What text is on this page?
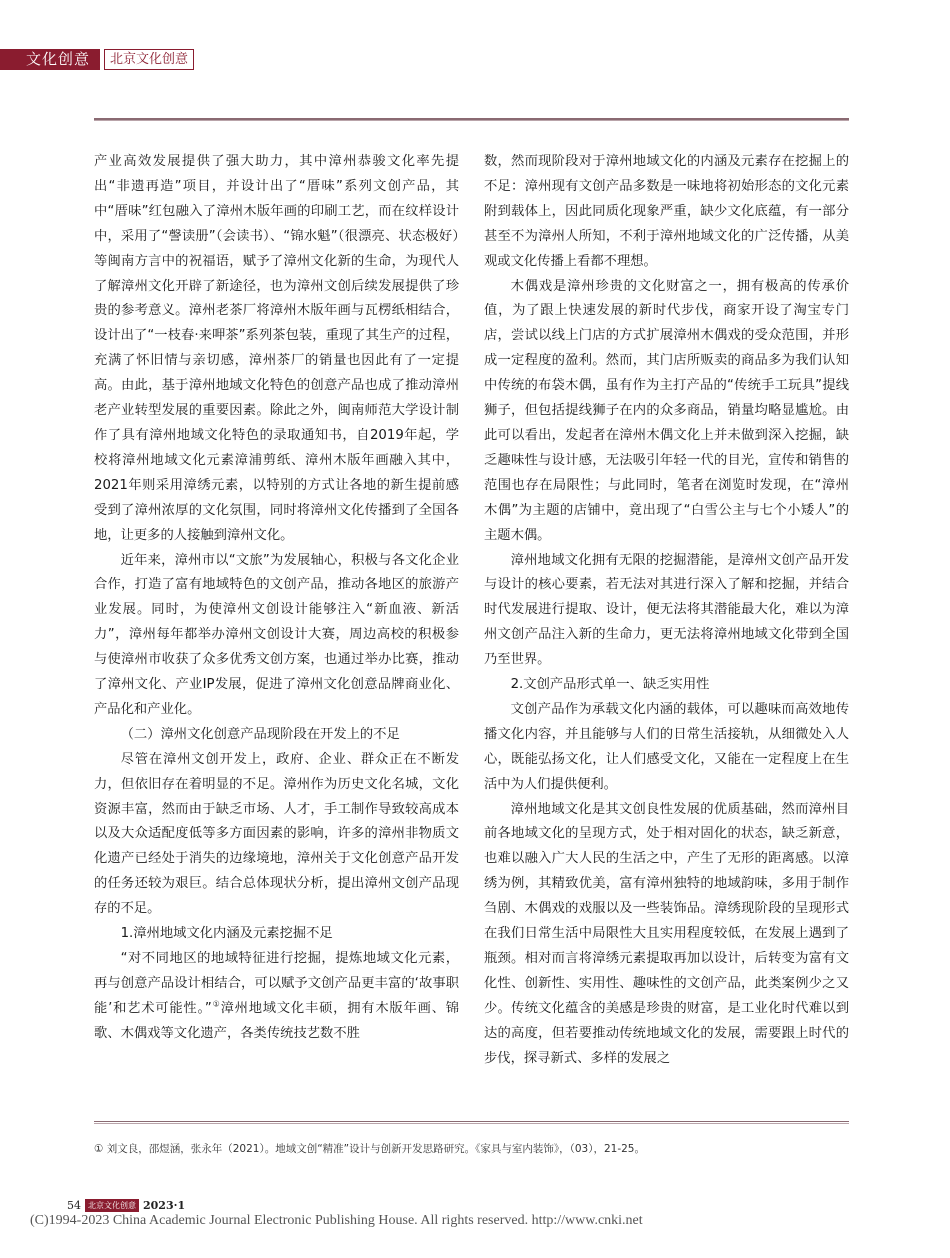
文化创意	北京文化创意

产业高效发展提供了强大助力，其中漳州恭骏文化率先提出“非遗再造”项目，并设计出了“厝味”系列文创产品，其中“厝味”红包融入了漳州木版年画的印刷工艺，而在纹样设计中，采用了“謦读册”（会读书）、“锦水魁”（很漂亮、状态极好）等闽南方言中的祝福语，赋予了漳州文化新的生命，为现代人了解漳州文化开辟了新途径，也为漳州文创后续发展提供了珍贵的参考意义。漳州老茶厂将漳州木版年画与瓦楞纸相结合，设计出了“一枝春·来呷茶”系列茶包装，重现了其生产的过程，充满了怀旧情与亲切感，漳州茶厂的销量也因此有了一定提高。由此，基于漳州地域文化特色的创意产品也成了推动漳州老产业转型发展的重要因素。除此之外，闽南师范大学设计制作了具有漳州地域文化特色的录取通知书，自2019年起，学校将漳州地域文化元素漳浦剪纸、漳州木版年画融入其中，2021年则采用漳绣元素，以特别的方式让各地的新生提前感受到了漳州浓厚的文化氛围，同时将漳州文化传播到了全国各地，让更多的人接触到漳州文化。

近年来，漳州市以“文旅”为发展轴心，积极与各文化企业合作，打造了富有地域特色的文创产品，推动各地区的旅游产业发展。同时，为使漳州文创设计能够注入“新血液、新活力”，漳州每年都举办漳州文创设计大赛，周边高校的积极参与使漳州市收获了众多优秀文创方案，也通过举办比赛，推动了漳州文化、产业IP发展，促进了漳州文化创意品牌商业化、产品化和产业化。

（二）漳州文化创意产品现阶段在开发上的不足

尽管在漳州文创开发上，政府、企业、群众正在不断发力，但依旧存在着明显的不足。漳州作为历史文化名城，文化资源丰富，然而由于缺乏市场、人才，手工制作导致较高成本以及大众适配度低等多方面因素的影响，许多的漳州非物质文化遗产已经处于消失的边缘境地，漳州关于文化创意产品开发的任务还较为艰巨。结合总体现状分析，提出漳州文创产品现存的不足。

1.漳州地域文化内涵及元素挖掘不足

“对不同地区的地域特征进行挖掘，提炼地域文化元素，再与创意产品设计相结合，可以赋予文创产品更丰富的‘故事职能’和艺术可能性。”①漳州地域文化丰硕，拥有木版年画、锦歌、木偶戏等文化遗产，各类传统技艺数不胜

数，然而现阶段对于漳州地域文化的内涵及元素存在挖掘上的不足：漳州现有文创产品多数是一味地将初始形态的文化元素附到载体上，因此同质化现象严重，缺少文化底蕴，有一部分甚至不为漳州人所知，不利于漳州地域文化的广泛传播，从美观或文化传播上看都不理想。

木偶戏是漳州珍贵的文化财富之一，拥有极高的传承价值，为了跟上快速发展的新时代步伐，商家开设了淘宝专门店，尝试以线上门店的方式扩展漳州木偶戏的受众范围，并形成一定程度的盈利。然而，其门店所贩卖的商品多为我们认知中传统的布袋木偶，虽有作为主打产品的“传统手工玩具”提线狮子，但包括提线狮子在内的众多商品，销量均略显尴尬。由此可以看出，发起者在漳州木偶文化上并未做到深入挖掘，缺乏趣味性与设计感，无法吸引年轻一代的目光，宣传和销售的范围也存在局限性；与此同时，笔者在浏览时发现，在“漳州木偶”为主题的店铺中，竟出现了“白雪公主与七个小矮人”的主题木偶。

漳州地域文化拥有无限的挖掘潜能，是漳州文创产品开发与设计的核心要素，若无法对其进行深入了解和挖掘，并结合时代发展进行提取、设计，便无法将其潜能最大化，难以为漳州文创产品注入新的生命力，更无法将漳州地域文化带到全国乃至世界。

2.文创产品形式单一、缺乏实用性

文创产品作为承载文化内涵的载体，可以趣味而高效地传播文化内容，并且能够与人们的日常生活接轨，从细微处入人心，既能弘扬文化，让人们感受文化，又能在一定程度上在生活中为人们提供便利。

漳州地域文化是其文创良性发展的优质基础，然而漳州目前各地域文化的呈现方式，处于相对固化的状态，缺乏新意，也难以融入广大人民的生活之中，产生了无形的距离感。以漳绣为例，其精致优美，富有漳州独特的地域韵味，多用于制作刍剧、木偶戏的戏服以及一些装饰品。漳绣现阶段的呈现形式在我们日常生活中局限性大且实用程度较低，在发展上遇到了瓶颈。相对而言将漳绣元素提取再加以设计，后转变为富有文化性、创新性、实用性、趣味性的文创产品，此类案例少之又少。传统文化蕴含的美感是珍贵的财富，是工业化时代难以到达的高度，但若要推动传统地域文化的发展，需要跟上时代的步伐，探寻新式、多样的发展之

① 刘文良，邵煜涵，张永年（2021）。地域文创“精准”设计与创新开发思路研究。《家具与室内装饰》，（03），21-25。
54 北京文化创意 2023·1
(C)1994-2023 China Academic Journal Electronic Publishing House. All rights reserved. http://www.cnki.net
